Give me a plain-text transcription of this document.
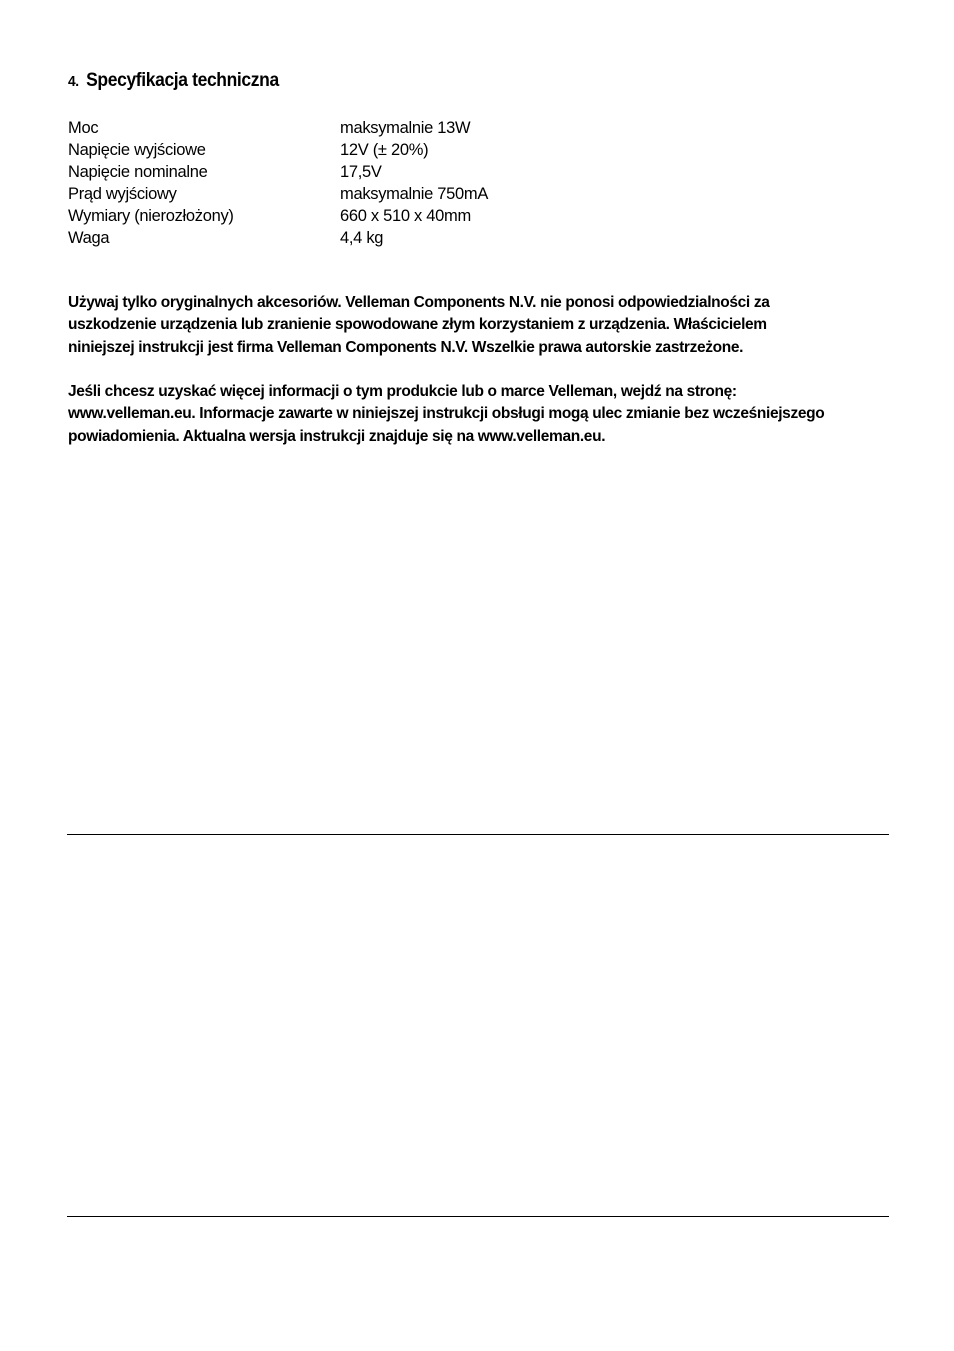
4. Specyfikacja techniczna
Moc	maksymalnie 13W
Napięcie wyjściowe	12V (± 20%)
Napięcie nominalne	17,5V
Prąd wyjściowy	maksymalnie 750mA
Wymiary (nierozłożony)	660 x 510 x 40mm
Waga	4,4 kg
Używaj tylko oryginalnych akcesoriów. Velleman Components N.V. nie ponosi odpowiedzialności za
uszkodzenie urządzenia lub zranienie spowodowane złym korzystaniem z urządzenia. Właścicielem
niniejszej instrukcji jest firma Velleman Components N.V. Wszelkie prawa autorskie zastrzeżone.
Jeśli chcesz uzyskać więcej informacji o tym produkcie lub o marce Velleman, wejdź na stronę:
www.velleman.eu. Informacje zawarte w niniejszej instrukcji obsługi mogą ulec zmianie bez wcześniejszego
powiadomienia. Aktualna wersja instrukcji znajduje się na www.velleman.eu.
